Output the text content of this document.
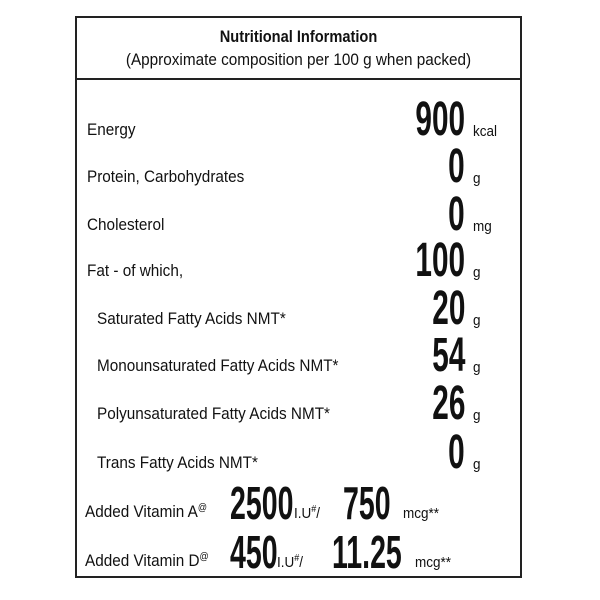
Nutritional Information
(Approximate composition per 100 g when packed)
Energy	900 kcal
Protein, Carbohydrates	0 g
Cholesterol	0 mg
Fat - of which,	100 g
Saturated Fatty Acids NMT*	20 g
Monounsaturated Fatty Acids NMT* 54 g
Polyunsaturated Fatty Acids NMT* 26 g
Trans Fatty Acids NMT*	0 g
Added Vitamin A@ 2500 I.U#/ 750 mcg**
Added Vitamin D@ 450 I.U#/ 11.25 mcg**
